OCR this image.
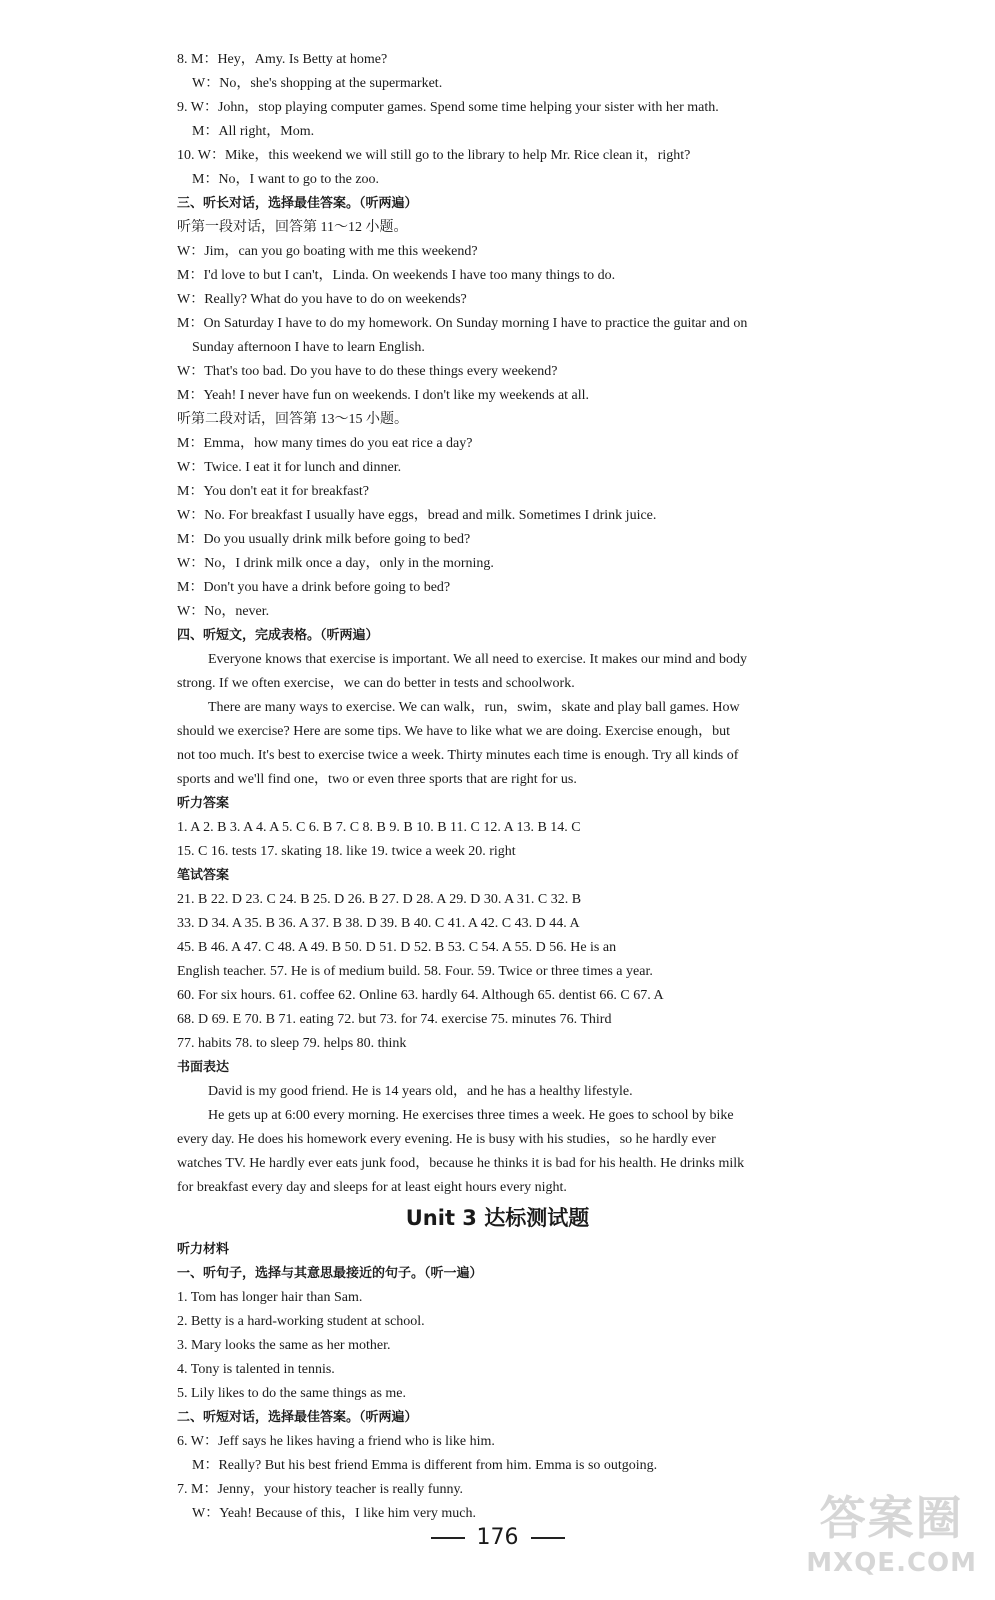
8. M：Hey，Amy. Is Betty at home?
W：No，she's shopping at the supermarket.
9. W：John，stop playing computer games. Spend some time helping your sister with her math.
M：All right，Mom.
10. W：Mike，this weekend we will still go to the library to help Mr. Rice clean it，right?
M：No，I want to go to the zoo.
三、听长对话，选择最佳答案。（听两遍）
听第一段对话，回答第 11～12 小题。
W：Jim，can you go boating with me this weekend?
M：I'd love to but I can't，Linda. On weekends I have too many things to do.
W：Really? What do you have to do on weekends?
M：On Saturday I have to do my homework. On Sunday morning I have to practice the guitar and on
Sunday afternoon I have to learn English.
W：That's too bad. Do you have to do these things every weekend?
M：Yeah! I never have fun on weekends. I don't like my weekends at all.
听第二段对话，回答第 13～15 小题。
M：Emma，how many times do you eat rice a day?
W：Twice. I eat it for lunch and dinner.
M：You don't eat it for breakfast?
W：No. For breakfast I usually have eggs，bread and milk. Sometimes I drink juice.
M：Do you usually drink milk before going to bed?
W：No，I drink milk once a day，only in the morning.
M：Don't you have a drink before going to bed?
W：No，never.
四、听短文，完成表格。（听两遍）
Everyone knows that exercise is important. We all need to exercise. It makes our mind and body
strong. If we often exercise，we can do better in tests and schoolwork.
There are many ways to exercise. We can walk，run，swim，skate and play ball games. How
should we exercise? Here are some tips. We have to like what we are doing. Exercise enough，but
not too much. It's best to exercise twice a week. Thirty minutes each time is enough. Try all kinds of
sports and we'll find one，two or even three sports that are right for us.
听力答案
1. A 2. B 3. A 4. A 5. C 6. B 7. C 8. B 9. B 10. B 11. C 12. A 13. B 14. C
15. C 16. tests 17. skating 18. like 19. twice a week 20. right
笔试答案
21. B 22. D 23. C 24. B 25. D 26. B 27. D 28. A 29. D 30. A 31. C 32. B
33. D 34. A 35. B 36. A 37. B 38. D 39. B 40. C 41. A 42. C 43. D 44. A
45. B 46. A 47. C 48. A 49. B 50. D 51. D 52. B 53. C 54. A 55. D 56. He is an
English teacher. 57. He is of medium build. 58. Four. 59. Twice or three times a year.
60. For six hours. 61. coffee 62. Online 63. hardly 64. Although 65. dentist 66. C 67. A
68. D 69. E 70. B 71. eating 72. but 73. for 74. exercise 75. minutes 76. Third
77. habits 78. to sleep 79. helps 80. think
书面表达
David is my good friend. He is 14 years old，and he has a healthy lifestyle.
He gets up at 6:00 every morning. He exercises three times a week. He goes to school by bike
every day. He does his homework every evening. He is busy with his studies，so he hardly ever
watches TV. He hardly ever eats junk food，because he thinks it is bad for his health. He drinks milk
for breakfast every day and sleeps for at least eight hours every night.
听力材料
一、听句子，选择与其意思最接近的句子。（听一遍）
1. Tom has longer hair than Sam.
2. Betty is a hard-working student at school.
3. Mary looks the same as her mother.
4. Tony is talented in tennis.
5. Lily likes to do the same things as me.
二、听短对话，选择最佳答案。（听两遍）
6. W：Jeff says he likes having a friend who is like him.
M：Really? But his best friend Emma is different from him. Emma is so outgoing.
7. M：Jenny，your history teacher is really funny.
W：Yeah! Because of this，I like him very much.
Unit 3 达标测试题
176	答案圈
MXQE.COM
